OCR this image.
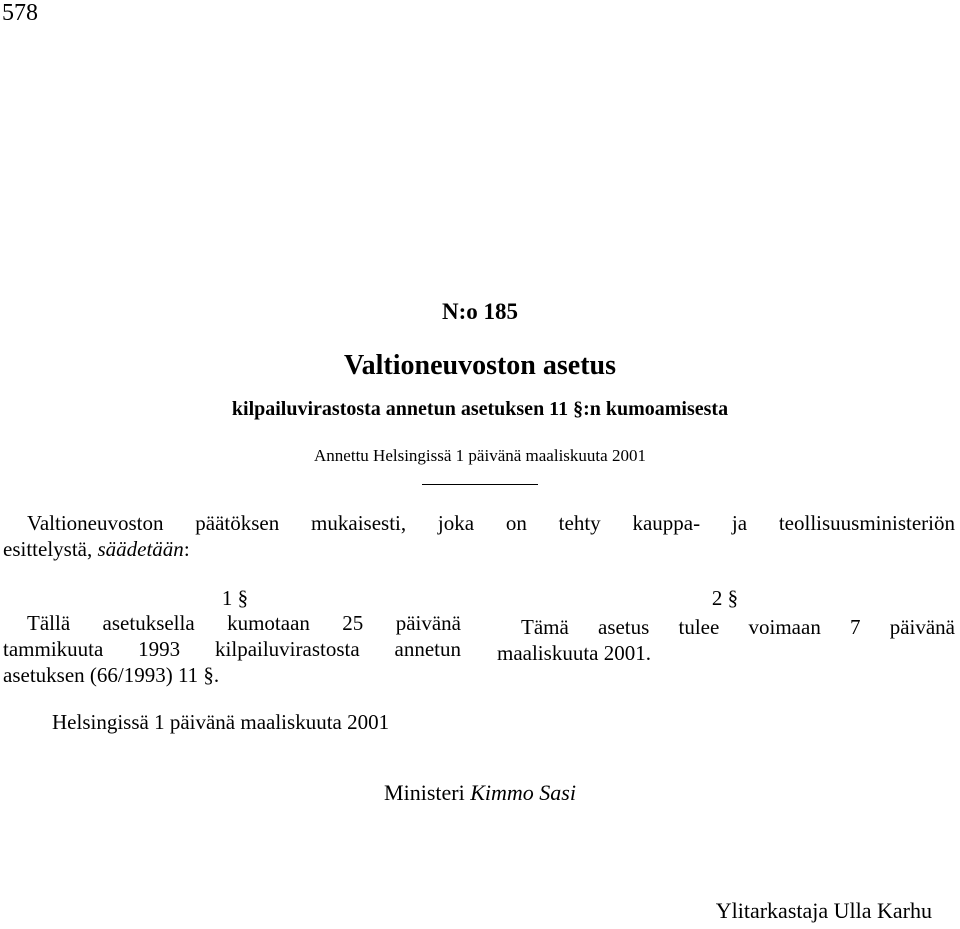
578
N:o 185
Valtioneuvoston asetus
kilpailuvirastosta annetun asetuksen 11 §:n kumoamisesta
Annettu Helsingissä 1 päivänä maaliskuuta 2001
Valtioneuvoston päätöksen mukaisesti, joka on tehty kauppa- ja teollisuusministeriön
esittelystä, säädetään:
1 §
Tällä asetuksella kumotaan 25 päivänä
tammikuuta 1993 kilpailuvirastosta annetun
asetuksen (66/1993) 11 §.
2 §
Tämä asetus tulee voimaan 7 päivänä
maaliskuuta 2001.
Helsingissä 1 päivänä maaliskuuta 2001
Ministeri Kimmo Sasi
Ylitarkastaja Ulla Karhu
